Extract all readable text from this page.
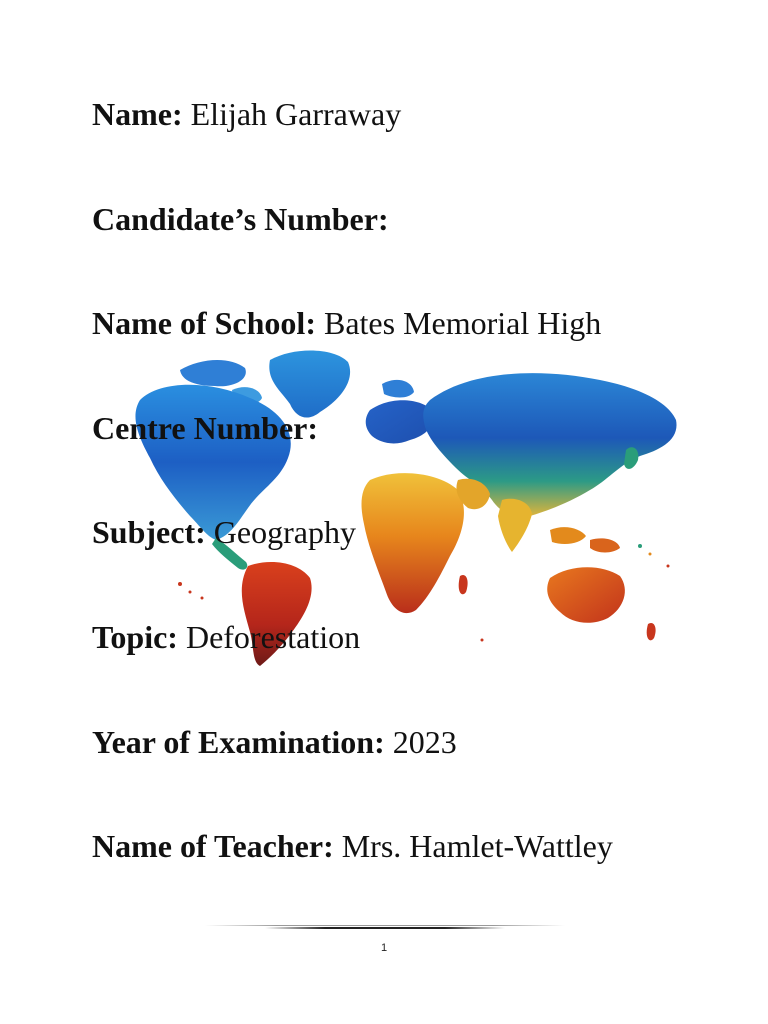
Name: Elijah Garraway
Candidate’s Number:
Name of School: Bates Memorial High
Centre Number:
Subject: Geography
Topic: Deforestation
Year of Examination: 2023
Name of Teacher: Mrs. Hamlet-Wattley
1
